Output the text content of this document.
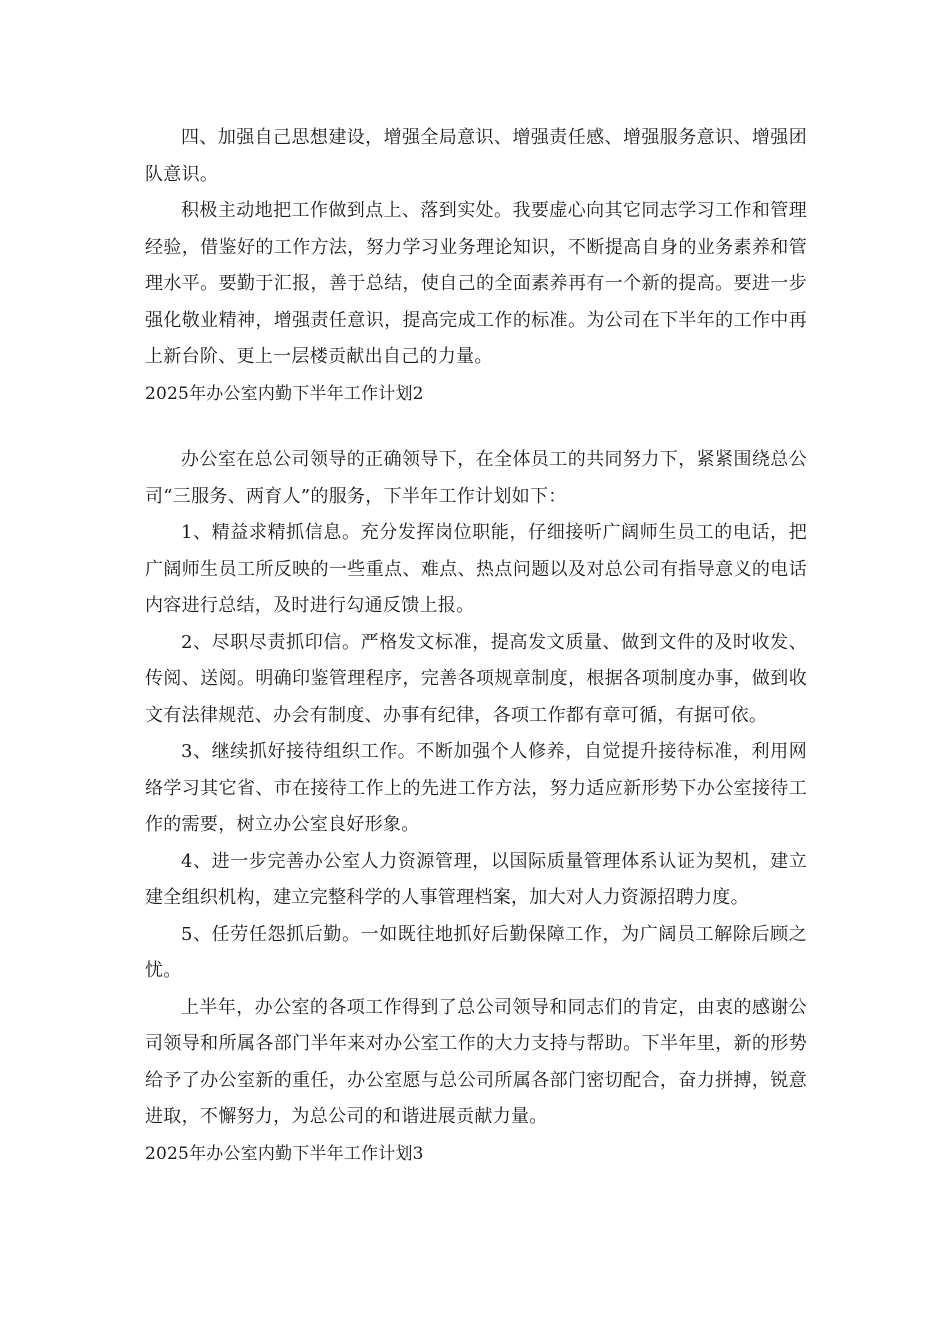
四、加强自己思想建设，增强全局意识、增强责任感、增强服务意识、增强团队意识。

积极主动地把工作做到点上、落到实处。我要虚心向其它同志学习工作和管理经验，借鉴好的工作方法，努力学习业务理论知识，不断提高自身的业务素养和管理水平。要勤于汇报，善于总结，使自己的全面素养再有一个新的提高。要进一步强化敬业精神，增强责任意识，提高完成工作的标准。为公司在下半年的工作中再上新台阶、更上一层楼贡献出自己的力量。

2025年办公室内勤下半年工作计划2

办公室在总公司领导的正确领导下，在全体员工的共同努力下，紧紧围绕总公司“三服务、两育人”的服务，下半年工作计划如下：

1、精益求精抓信息。充分发挥岗位职能，仔细接听广阔师生员工的电话，把广阔师生员工所反映的一些重点、难点、热点问题以及对总公司有指导意义的电话内容进行总结，及时进行勾通反馈上报。

2、尽职尽责抓印信。严格发文标准，提高发文质量、做到文件的及时收发、传阅、送阅。明确印鉴管理程序，完善各项规章制度，根据各项制度办事，做到收文有法律规范、办会有制度、办事有纪律，各项工作都有章可循，有据可依。

3、继续抓好接待组织工作。不断加强个人修养，自觉提升接待标准，利用网络学习其它省、市在接待工作上的先进工作方法，努力适应新形势下办公室接待工作的需要，树立办公室良好形象。

4、进一步完善办公室人力资源管理，以国际质量管理体系认证为契机，建立建全组织机构，建立完整科学的人事管理档案，加大对人力资源招聘力度。

5、任劳任怨抓后勤。一如既往地抓好后勤保障工作，为广阔员工解除后顾之忧。

上半年，办公室的各项工作得到了总公司领导和同志们的肯定，由衷的感谢公司领导和所属各部门半年来对办公室工作的大力支持与帮助。下半年里，新的形势给予了办公室新的重任，办公室愿与总公司所属各部门密切配合，奋力拼搏，锐意进取，不懈努力，为总公司的和谐进展贡献力量。

2025年办公室内勤下半年工作计划3
